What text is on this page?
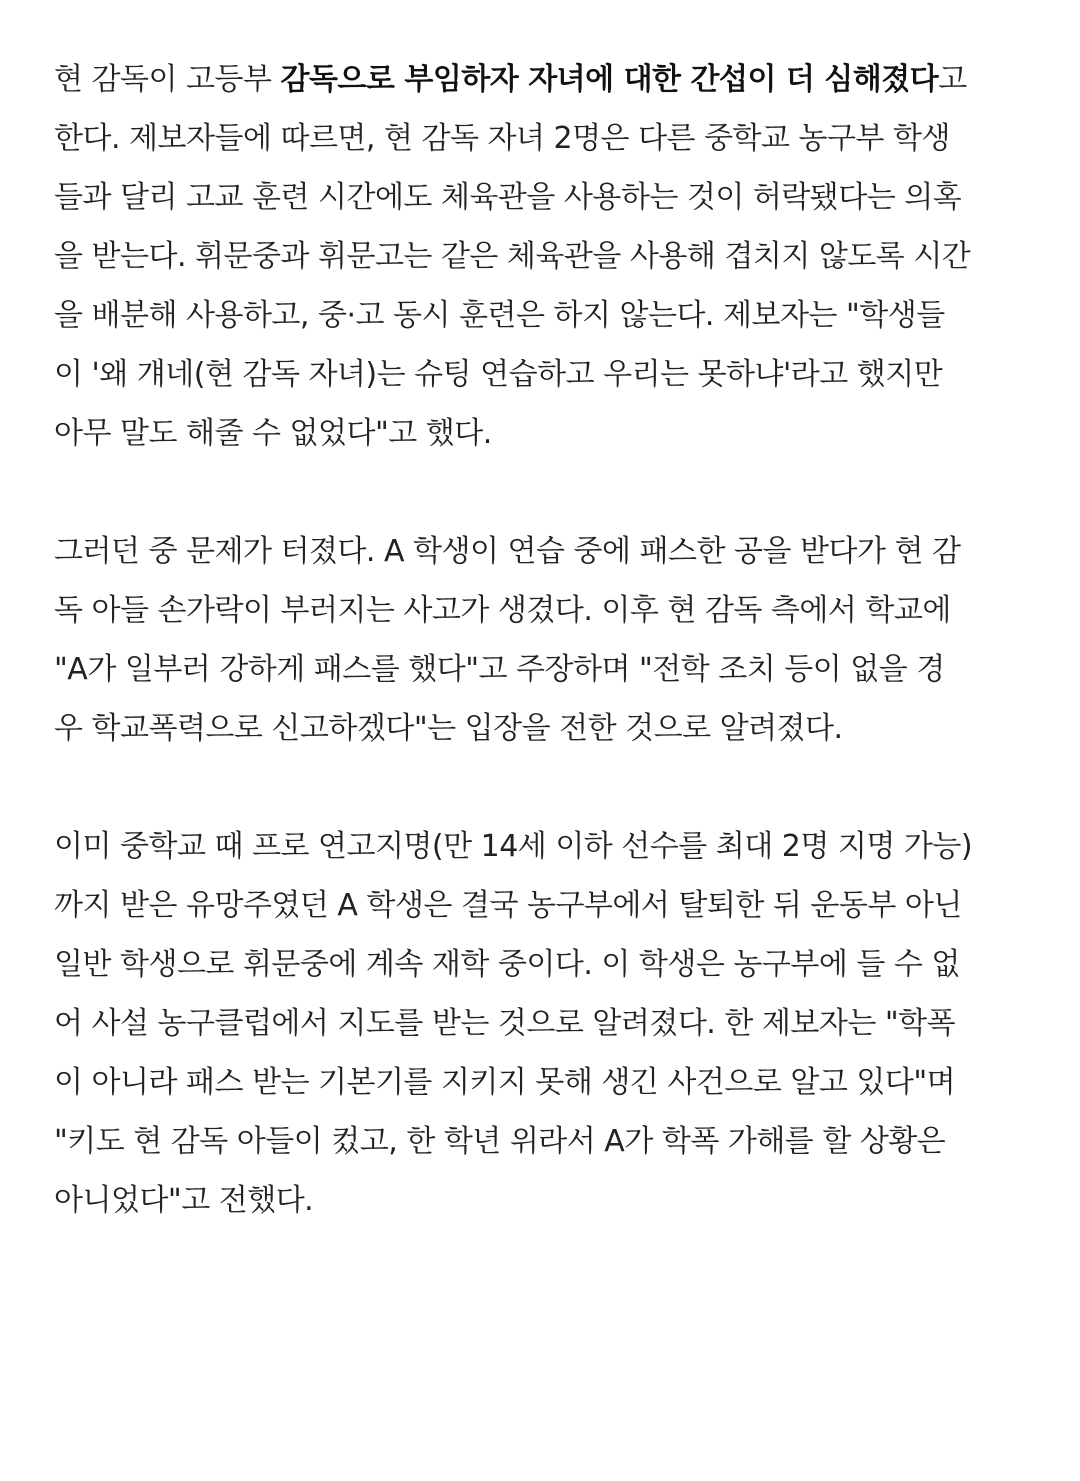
현 감독이 고등부 감독으로 부임하자 자녀에 대한 간섭이 더 심해졌다고
한다. 제보자들에 따르면, 현 감독 자녀 2명은 다른 중학교 농구부 학생
들과 달리 고교 훈련 시간에도 체육관을 사용하는 것이 허락됐다는 의혹
을 받는다. 휘문중과 휘문고는 같은 체육관을 사용해 겹치지 않도록 시간
을 배분해 사용하고, 중·고 동시 훈련은 하지 않는다. 제보자는 "학생들
이 '왜 걔네(현 감독 자녀)는 슈팅 연습하고 우리는 못하냐'라고 했지만
아무 말도 해줄 수 없었다"고 했다.
그러던 중 문제가 터졌다. A 학생이 연습 중에 패스한 공을 받다가 현 감
독 아들 손가락이 부러지는 사고가 생겼다. 이후 현 감독 측에서 학교에
"A가 일부러 강하게 패스를 했다"고 주장하며 "전학 조치 등이 없을 경
우 학교폭력으로 신고하겠다"는 입장을 전한 것으로 알려졌다.
이미 중학교 때 프로 연고지명(만 14세 이하 선수를 최대 2명 지명 가능)
까지 받은 유망주였던 A 학생은 결국 농구부에서 탈퇴한 뒤 운동부 아닌
일반 학생으로 휘문중에 계속 재학 중이다. 이 학생은 농구부에 들 수 없
어 사설 농구클럽에서 지도를 받는 것으로 알려졌다. 한 제보자는 "학폭
이 아니라 패스 받는 기본기를 지키지 못해 생긴 사건으로 알고 있다"며
"키도 현 감독 아들이 컸고, 한 학년 위라서 A가 학폭 가해를 할 상황은
아니었다"고 전했다.
